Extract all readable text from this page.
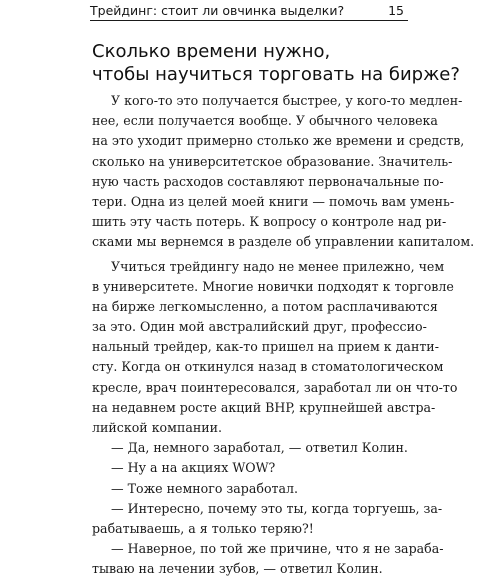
Трейдинг: стоит ли овчинка выделки?	15
Сколько времени нужно,
чтобы научиться торговать на бирже?
У кого-то это получается быстрее, у кого-то медлен-
нее, если получается вообще. У обычного человека
на это уходит примерно столько же времени и средств,
сколько на университетское образование. Значитель-
ную часть расходов составляют первоначальные по-
тери. Одна из целей моей книги — помочь вам умень-
шить эту часть потерь. К вопросу о контроле над ри-
сками мы вернемся в разделе об управлении капиталом.
Учиться трейдингу надо не менее прилежно, чем
в университете. Многие новички подходят к торговле
на бирже легкомысленно, а потом расплачиваются
за это. Один мой австралийский друг, профессио-
нальный трейдер, как-то пришел на прием к данти-
сту. Когда он откинулся назад в стоматологическом
кресле, врач поинтересовался, заработал ли он что-то
на недавнем росте акций BHP, крупнейшей австра-
лийской компании.
— Да, немного заработал, — ответил Колин.
— Ну а на акциях WOW?
— Тоже немного заработал.
— Интересно, почему это ты, когда торгуешь, за-
рабатываешь, а я только теряю?!
— Наверное, по той же причине, что я не зараба-
тываю на лечении зубов, — ответил Колин.
